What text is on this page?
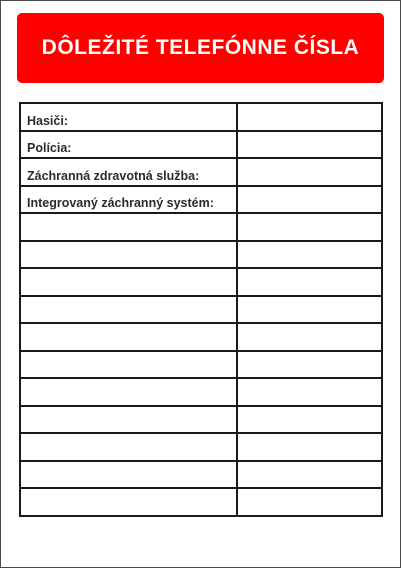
DÔLEŽITÉ TELEFÓNNE ČÍSLA
Hasiči:	

Polícia:	

Záchranná zdravotná služba:	

Integrovaný záchranný systém:	
